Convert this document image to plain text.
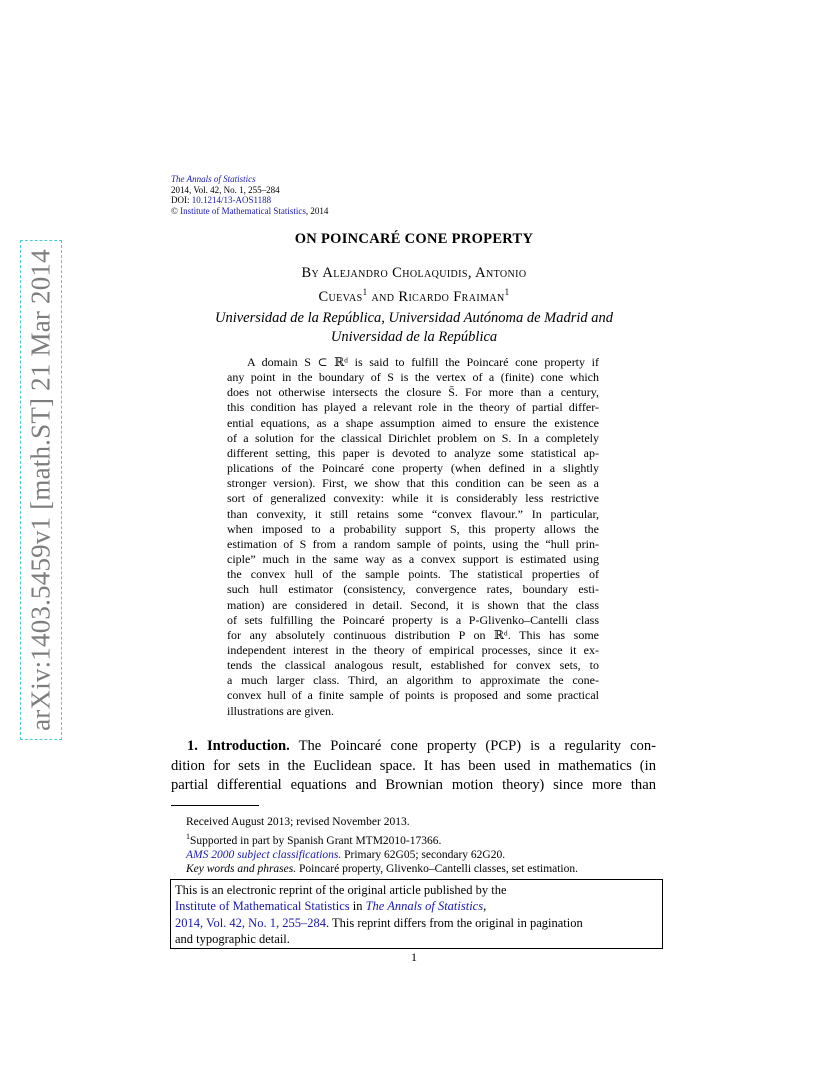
arXiv:1403.5459v1 [math.ST] 21 Mar 2014
The Annals of Statistics
2014, Vol. 42, No. 1, 255–284
DOI: 10.1214/13-AOS1188
© Institute of Mathematical Statistics, 2014
ON POINCARÉ CONE PROPERTY
By Alejandro Cholaquidis, Antonio
Cuevas$^1$ and Ricardo Fraiman$^1$
Universidad de la República, Universidad Autónoma de Madrid and
Universidad de la República
A domain S ⊂ ℝᵈ is said to fulfill the Poincaré cone property if
any point in the boundary of S is the vertex of a (finite) cone which
does not otherwise intersects the closure S̄. For more than a century,
this condition has played a relevant role in the theory of partial differ-
ential equations, as a shape assumption aimed to ensure the existence
of a solution for the classical Dirichlet problem on S. In a completely
different setting, this paper is devoted to analyze some statistical ap-
plications of the Poincaré cone property (when defined in a slightly
stronger version). First, we show that this condition can be seen as a
sort of generalized convexity: while it is considerably less restrictive
than convexity, it still retains some “convex flavour.” In particular,
when imposed to a probability support S, this property allows the
estimation of S from a random sample of points, using the “hull prin-
ciple” much in the same way as a convex support is estimated using
the convex hull of the sample points. The statistical properties of
such hull estimator (consistency, convergence rates, boundary esti-
mation) are considered in detail. Second, it is shown that the class
of sets fulfilling the Poincaré property is a P-Glivenko–Cantelli class
for any absolutely continuous distribution P on ℝᵈ. This has some
independent interest in the theory of empirical processes, since it ex-
tends the classical analogous result, established for convex sets, to
a much larger class. Third, an algorithm to approximate the cone-
convex hull of a finite sample of points is proposed and some practical
illustrations are given.
1. Introduction. The Poincaré cone property (PCP) is a regularity con-
dition for sets in the Euclidean space. It has been used in mathematics (in
partial differential equations and Brownian motion theory) since more than
Received August 2013; revised November 2013.
$^1$Supported in part by Spanish Grant MTM2010-17366.
AMS 2000 subject classifications. Primary 62G05; secondary 62G20.
Key words and phrases. Poincaré property, Glivenko–Cantelli classes, set estimation.
This is an electronic reprint of the original article published by the
Institute of Mathematical Statistics in The Annals of Statistics,
2014, Vol. 42, No. 1, 255–284. This reprint differs from the original in pagination
and typographic detail.
1
